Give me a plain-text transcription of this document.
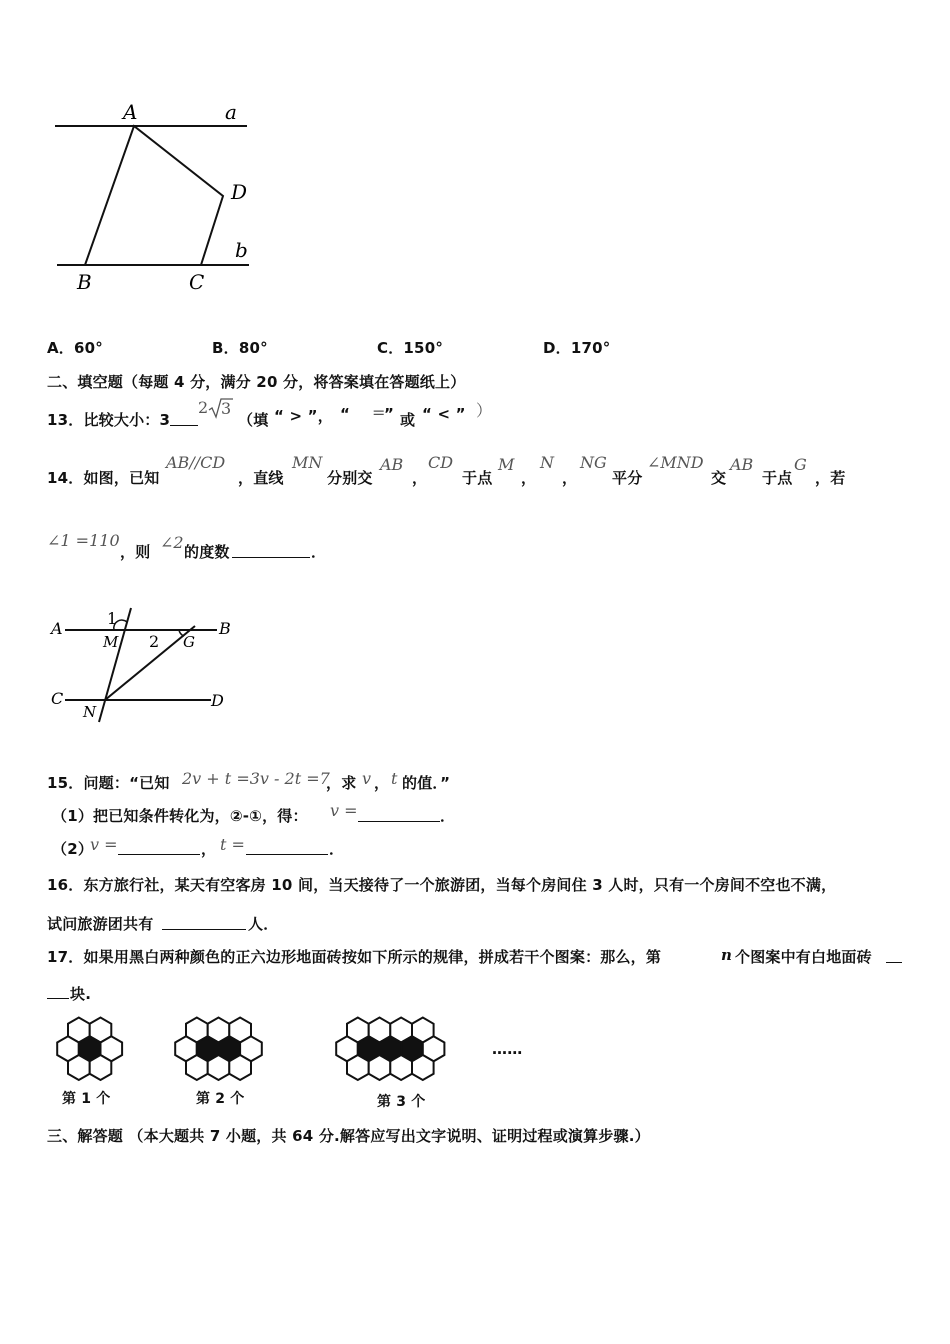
A	a
D
b
B	C
A．60°	B．80°	C．150°	D．170°
二、填空题（每题 4 分，满分 20 分，将答案填在答题纸上）
13．比较大小：3
2 3
（填 “ > ”， “ =
” 或 “ < ” ）
14．如图，已知
AB//CD
，直线
MN
分别交
AB
，
CD
于点
M
，
N
，
NG
平分
∠MND
交
AB
于点
G
，若
∠1 =110
，则 ∠2 的度数	．
A	B
C	D
M
N
G
1
2
15．问题：“已知 2v + t =3v - 2t =7
，求 v ， t 的值．”
（1）把已知条件转化为，②-①，得： v =	．
（2）
v =	， t =	．
16．东方旅行社，某天有空客房 10 间，当天接待了一个旅游团，当每个房间住 3 人时，只有一个房间不空也不满，
试问旅游团共有	人．
17．如果用黑白两种颜色的正六边形地面砖按如下所示的规律，拼成若干个图案：那么，第	n 个图案中有白地面砖
块.
第 1 个	第 2 个	第 3 个
……
三、解答题 （本大题共 7 小题，共 64 分.解答应写出文字说明、证明过程或演算步骤.）
